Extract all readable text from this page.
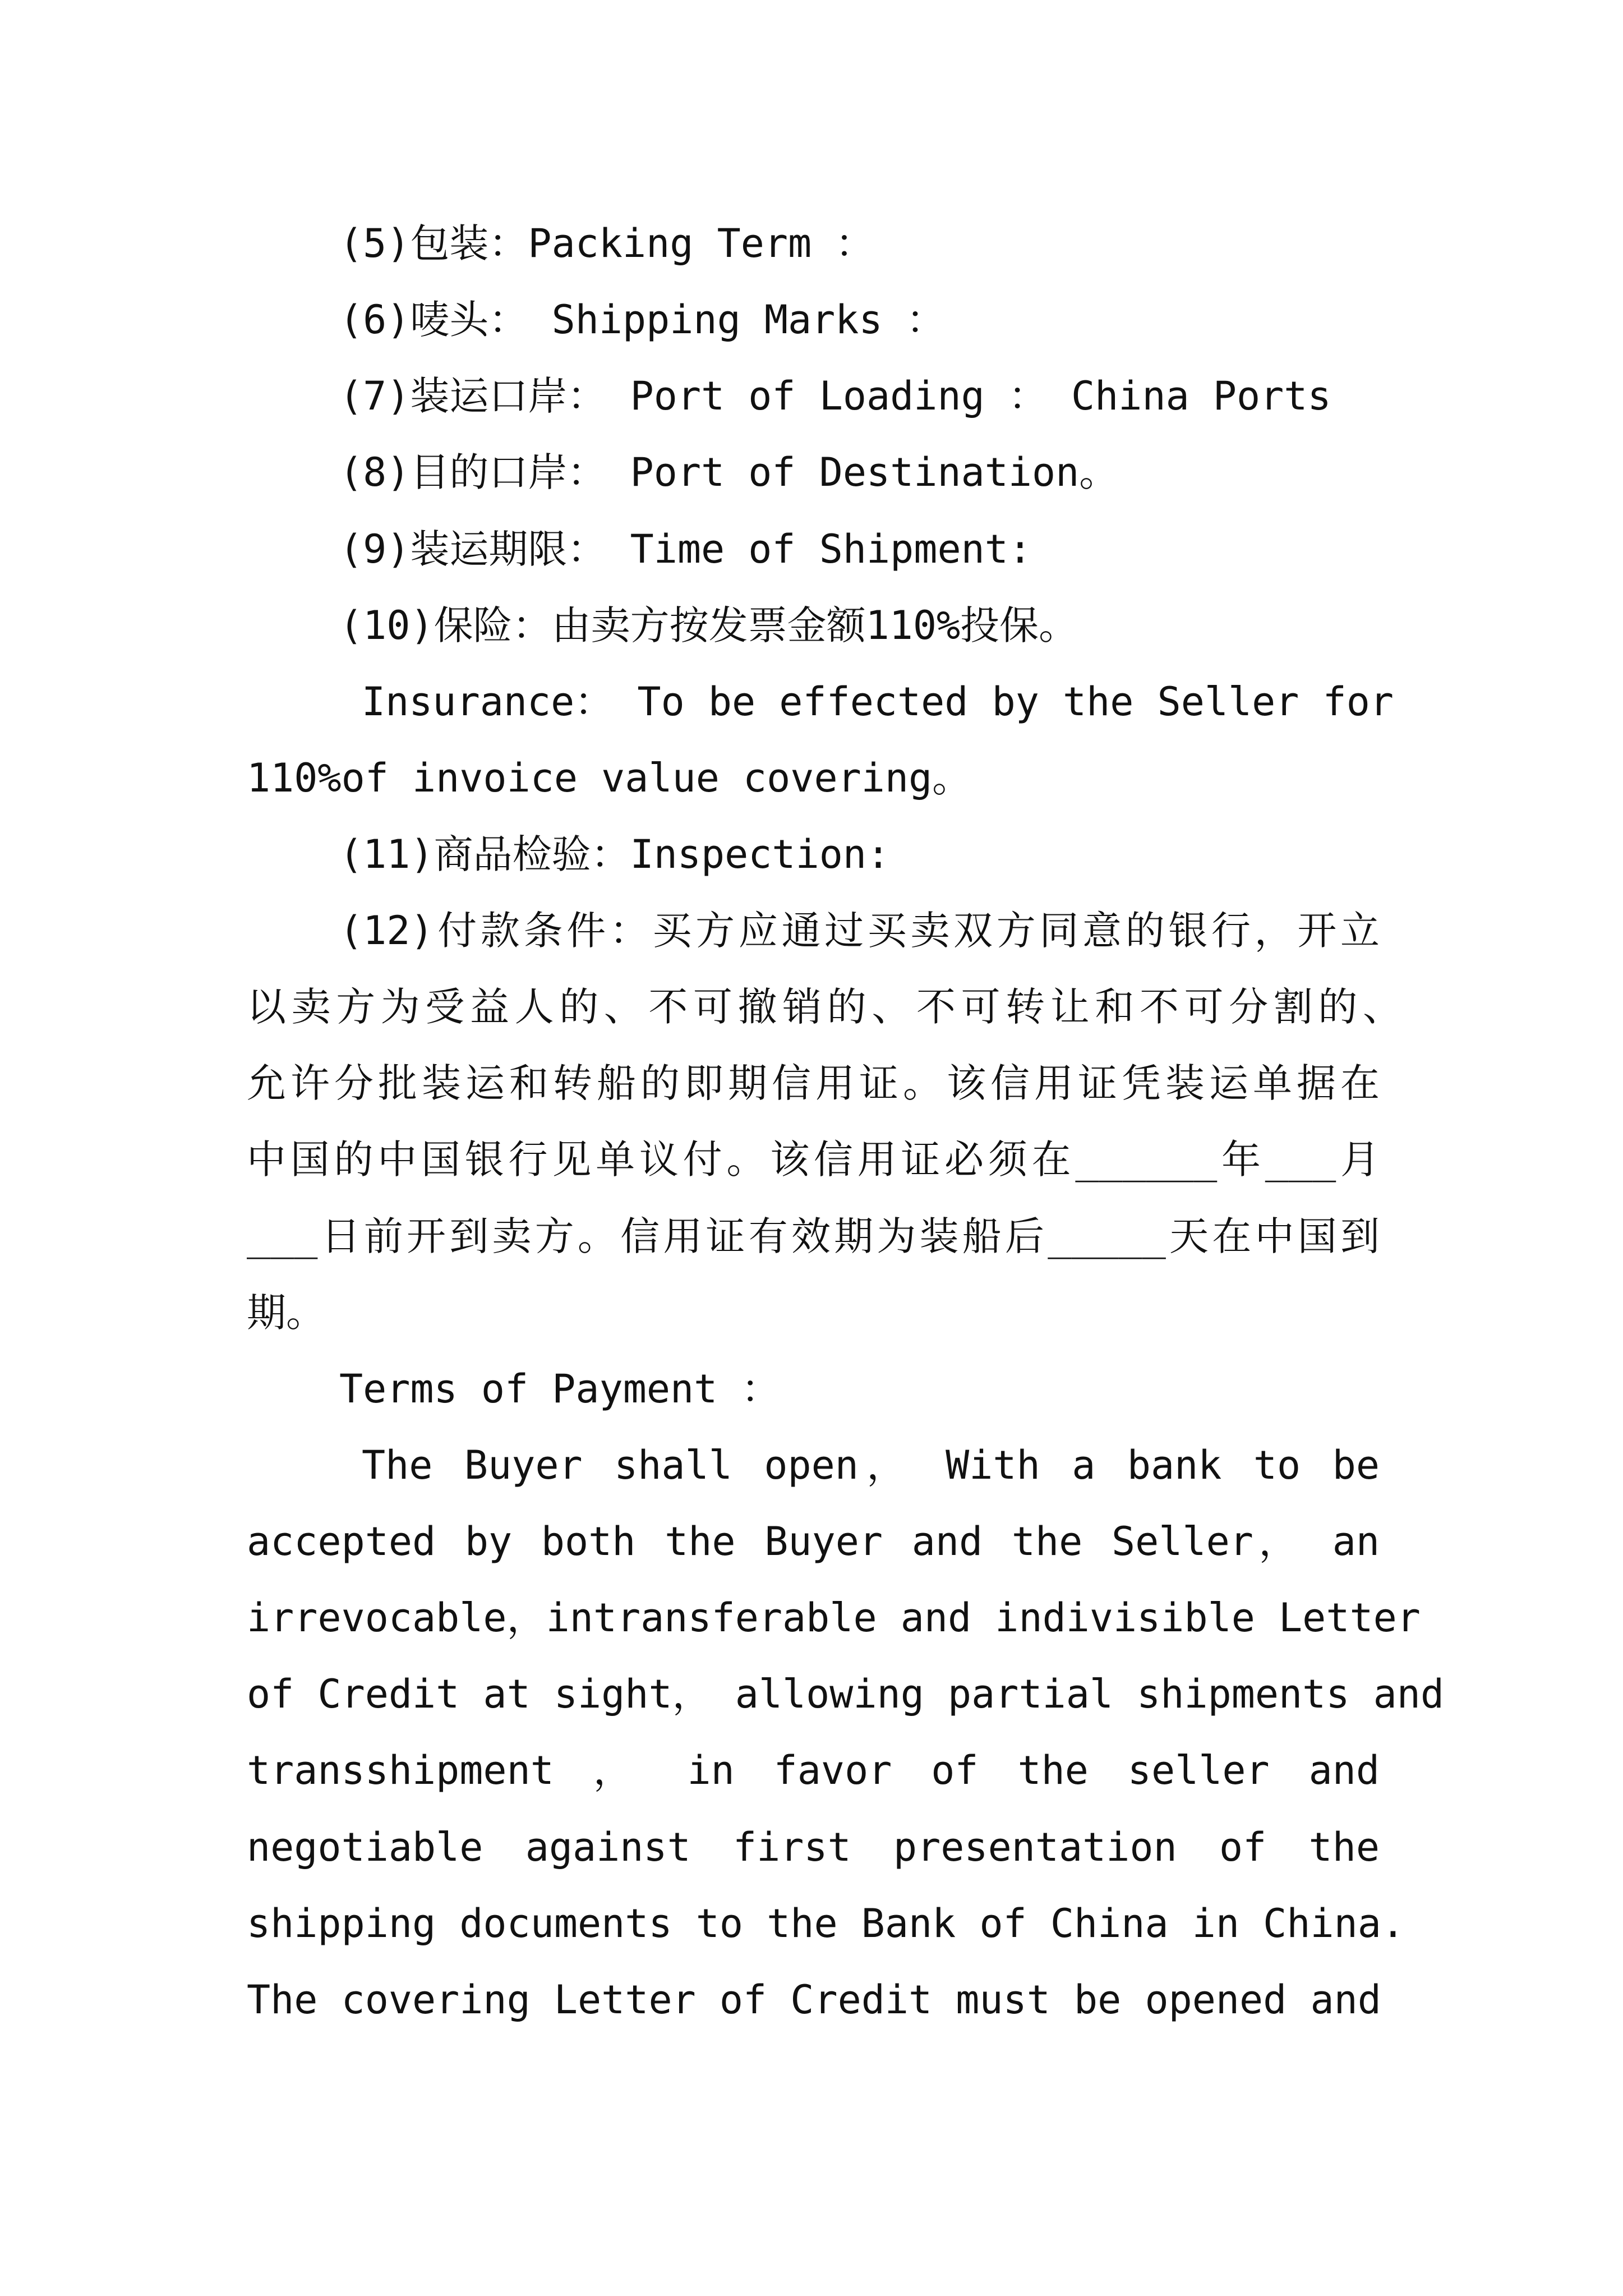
(5)包装：Packing Term ：
(6)唛头： Shipping Marks ：
(7)装运口岸： Port of Loading ： China Ports
(8)目的口岸： Port of Destination。
(9)装运期限： Time of Shipment:
(10)保险：由卖方按发票金额110%投保。
Insurance： To be effected by the Seller for
110%of invoice value covering。
(11)商品检验：Inspection:
(12)付款条件：买方应通过买卖双方同意的银行，开立
以卖方为受益人的、不可撤销的、不可转让和不可分割的、
允许分批装运和转船的即期信用证。该信用证凭装运单据在
中国的中国银行见单议付。该信用证必须在______年___月
___日前开到卖方。信用证有效期为装船后_____天在中国到
期。
Terms of Payment ：
The Buyer shall open， With a bank to be
accepted by both the Buyer and the Seller， an
irrevocable，intransferable and indivisible Letter
of Credit at sight， allowing partial shipments and
transshipment ， in favor of the seller and
negotiable against first presentation of the
shipping documents to the Bank of China in China.
The covering Letter of Credit must be opened and
